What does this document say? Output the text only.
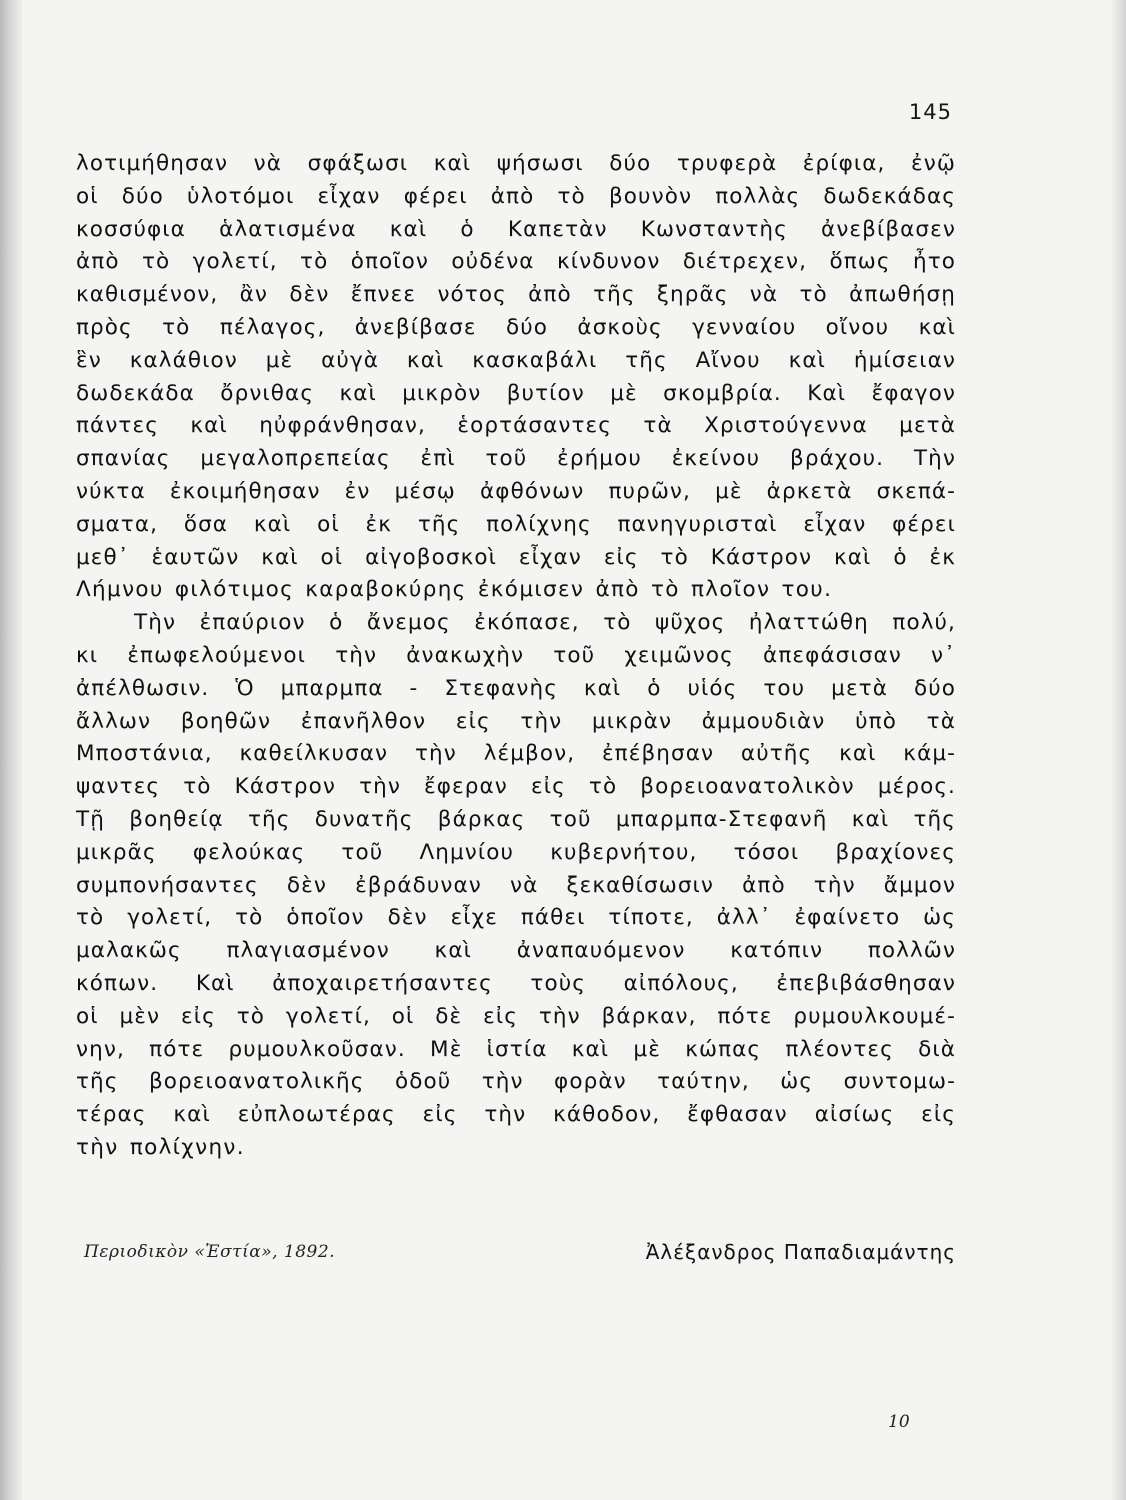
145
λοτιμήθησαν νὰ σφάξωσι καὶ ψήσωσι δύο τρυφερὰ ἐρίφια, ἐνῷ
οἱ δύο ὑλοτόμοι εἶχαν φέρει ἀπὸ τὸ βουνὸν πολλὰς δωδεκάδας
κοσσύφια ἁλατισμένα καὶ ὁ Καπετὰν Κωνσταντὴς ἀνεβίβασεν
ἀπὸ τὸ γολετί, τὸ ὁποῖον οὐδένα κίνδυνον διέτρεχεν, ὅπως ἦτο
καθισμένον, ἂν δὲν ἔπνεε νότος ἀπὸ τῆς ξηρᾶς νὰ τὸ ἀπωθήσῃ
πρὸς τὸ πέλαγος, ἀνεβίβασε δύο ἀσκοὺς γενναίου οἴνου καὶ
ἓν καλάθιον μὲ αὐγὰ καὶ κασκαβάλι τῆς Αἴνου καὶ ἡμίσειαν
δωδεκάδα ὄρνιθας καὶ μικρὸν βυτίον μὲ σκομβρία. Καὶ ἔφαγον
πάντες καὶ ηὐφράνθησαν, ἑορτάσαντες τὰ Χριστούγεννα μετὰ
σπανίας μεγαλοπρεπείας ἐπὶ τοῦ ἐρήμου ἐκείνου βράχου. Τὴν
νύκτα ἐκοιμήθησαν ἐν μέσῳ ἀφθόνων πυρῶν, μὲ ἀρκετὰ σκεπά-
σματα, ὅσα καὶ οἱ ἐκ τῆς πολίχνης πανηγυρισταὶ εἶχαν φέρει
μεθ᾿ ἑαυτῶν καὶ οἱ αἰγοβοσκοὶ εἶχαν εἰς τὸ Κάστρον καὶ ὁ ἐκ
Λήμνου φιλότιμος καραβοκύρης ἐκόμισεν ἀπὸ τὸ πλοῖον του.
Τὴν ἐπαύριον ὁ ἄνεμος ἐκόπασε, τὸ ψῦχος ἠλαττώθη πολύ,
κι ἐπωφελούμενοι τὴν ἀνακωχὴν τοῦ χειμῶνος ἀπεφάσισαν ν᾿
ἀπέλθωσιν. Ὁ μπαρμπα - Στεφανὴς καὶ ὁ υἱός του μετὰ δύο
ἄλλων βοηθῶν ἐπανῆλθον εἰς τὴν μικρὰν ἀμμουδιὰν ὑπὸ τὰ
Μποστάνια, καθείλκυσαν τὴν λέμβον, ἐπέβησαν αὐτῆς καὶ κάμ-
ψαντες τὸ Κάστρον τὴν ἔφεραν εἰς τὸ βορειοανατολικὸν μέρος.
Τῇ βοηθείᾳ τῆς δυνατῆς βάρκας τοῦ μπαρμπα-Στεφανῆ καὶ τῆς
μικρᾶς φελούκας τοῦ Λημνίου κυβερνήτου, τόσοι βραχίονες
συμπονήσαντες δὲν ἐβράδυναν νὰ ξεκαθίσωσιν ἀπὸ τὴν ἄμμον
τὸ γολετί, τὸ ὁποῖον δὲν εἶχε πάθει τίποτε, ἀλλ᾿ ἐφαίνετο ὡς
μαλακῶς πλαγιασμένον καὶ ἀναπαυόμενον κατόπιν πολλῶν
κόπων. Καὶ ἀποχαιρετήσαντες τοὺς αἰπόλους, ἐπεβιβάσθησαν
οἱ μὲν εἰς τὸ γολετί, οἱ δὲ εἰς τὴν βάρκαν, πότε ρυμουλκουμέ-
νην, πότε ρυμουλκοῦσαν. Μὲ ἱστία καὶ μὲ κώπας πλέοντες διὰ
τῆς βορειοανατολικῆς ὁδοῦ τὴν φορὰν ταύτην, ὡς συντομω-
τέρας καὶ εὐπλοωτέρας εἰς τὴν κάθοδον, ἔφθασαν αἰσίως εἰς
τὴν πολίχνην.
Περιοδικὸν «Ἑστία», 1892.	Ἀλέξανδρος Παπαδιαμάντης
10
